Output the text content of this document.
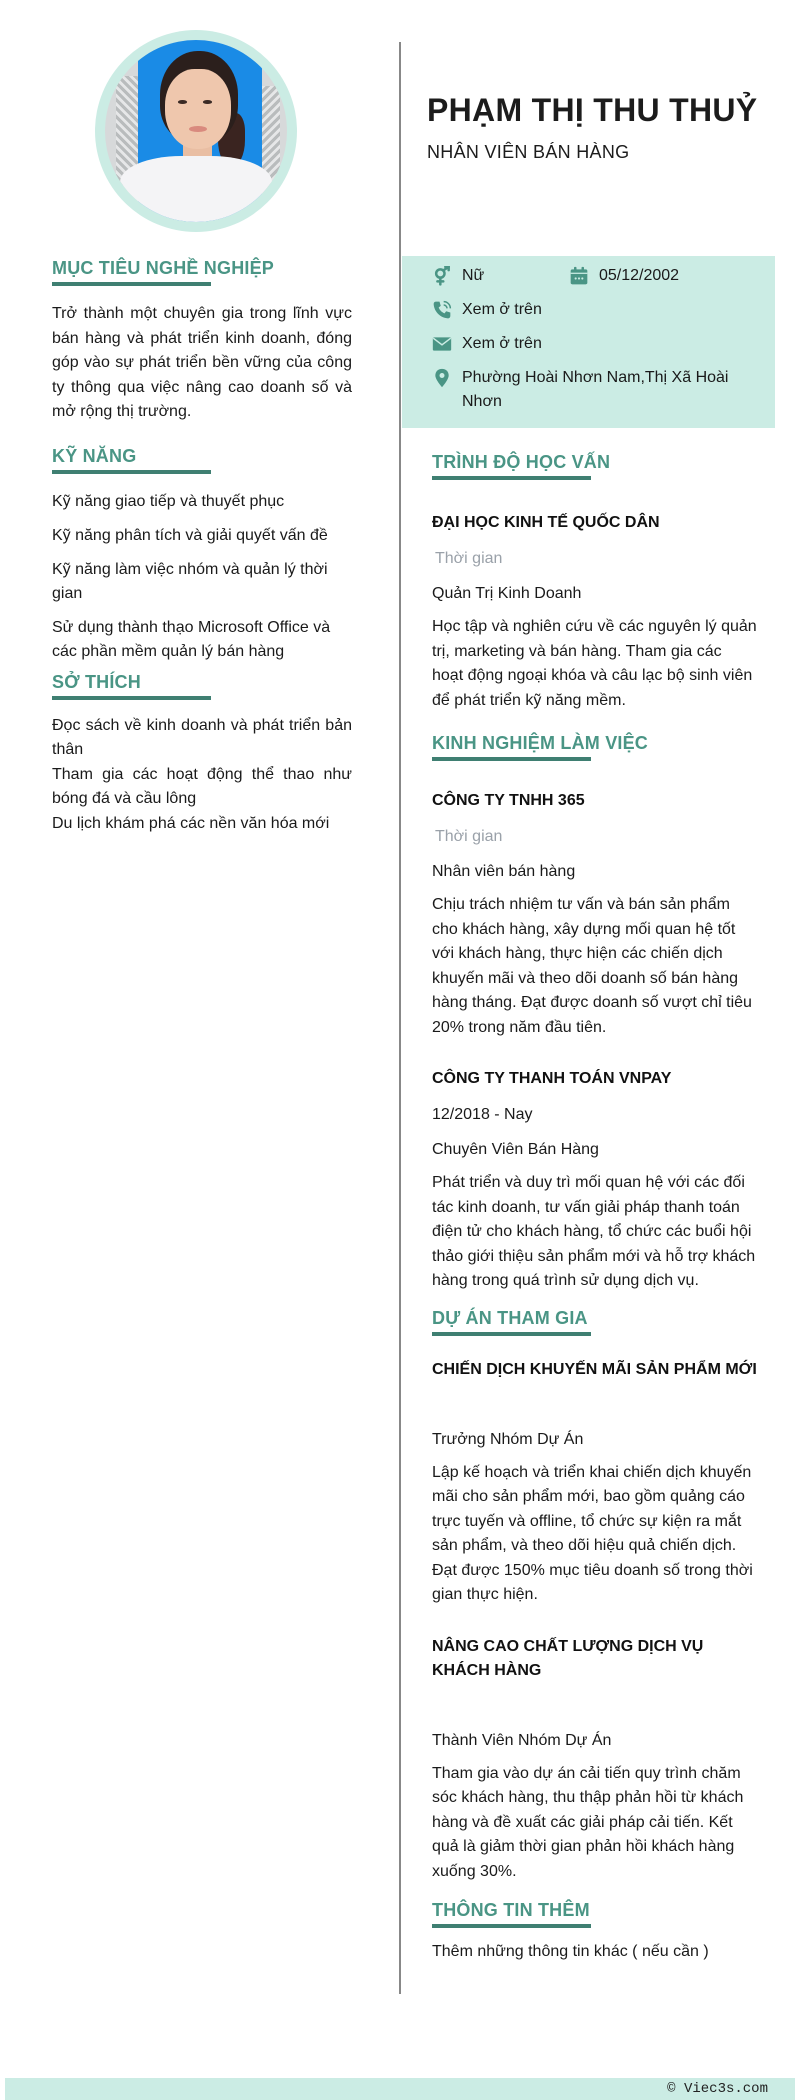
PHẠM THỊ THU THUỶ
NHÂN VIÊN BÁN HÀNG
Nữ	05/12/2002
Xem ở trên
Xem ở trên
Phường Hoài Nhơn Nam,Thị Xã Hoài Nhơn
MỤC TIÊU NGHỀ NGHIỆP

Trở thành một chuyên gia trong lĩnh vực bán hàng và phát triển kinh doanh, đóng góp vào sự phát triển bền vững của công ty thông qua việc nâng cao doanh số và mở rộng thị trường.

KỸ NĂNG
Kỹ năng giao tiếp và thuyết phục
Kỹ năng phân tích và giải quyết vấn đề
Kỹ năng làm việc nhóm và quản lý thời gian
Sử dụng thành thạo Microsoft Office và các phần mềm quản lý bán hàng
SỞ THÍCH
Đọc sách về kinh doanh và phát triển bản thân
Tham gia các hoạt động thể thao như bóng đá và cầu lông
Du lịch khám phá các nền văn hóa mới
TRÌNH ĐỘ HỌC VẤN
ĐẠI HỌC KINH TẾ QUỐC DÂN
Thời gian
Quản Trị Kinh Doanh
Học tập và nghiên cứu về các nguyên lý quản trị, marketing và bán hàng. Tham gia các hoạt động ngoại khóa và câu lạc bộ sinh viên để phát triển kỹ năng mềm.
KINH NGHIỆM LÀM VIỆC
CÔNG TY TNHH 365
Thời gian
Nhân viên bán hàng
Chịu trách nhiệm tư vấn và bán sản phẩm cho khách hàng, xây dựng mối quan hệ tốt với khách hàng, thực hiện các chiến dịch khuyến mãi và theo dõi doanh số bán hàng hàng tháng. Đạt được doanh số vượt chỉ tiêu 20% trong năm đầu tiên.
CÔNG TY THANH TOÁN VNPAY
12/2018 - Nay
Chuyên Viên Bán Hàng
Phát triển và duy trì mối quan hệ với các đối tác kinh doanh, tư vấn giải pháp thanh toán điện tử cho khách hàng, tổ chức các buổi hội thảo giới thiệu sản phẩm mới và hỗ trợ khách hàng trong quá trình sử dụng dịch vụ.
DỰ ÁN THAM GIA
CHIẾN DỊCH KHUYẾN MÃI SẢN PHẨM MỚI
Trưởng Nhóm Dự Án
Lập kế hoạch và triển khai chiến dịch khuyến mãi cho sản phẩm mới, bao gồm quảng cáo trực tuyến và offline, tổ chức sự kiện ra mắt sản phẩm, và theo dõi hiệu quả chiến dịch. Đạt được 150% mục tiêu doanh số trong thời gian thực hiện.
NÂNG CAO CHẤT LƯỢNG DỊCH VỤ KHÁCH HÀNG
Thành Viên Nhóm Dự Án
Tham gia vào dự án cải tiến quy trình chăm sóc khách hàng, thu thập phản hồi từ khách hàng và đề xuất các giải pháp cải tiến. Kết quả là giảm thời gian phản hồi khách hàng xuống 30%.
THÔNG TIN THÊM
Thêm những thông tin khác ( nếu cần )
© Viec3s.com
